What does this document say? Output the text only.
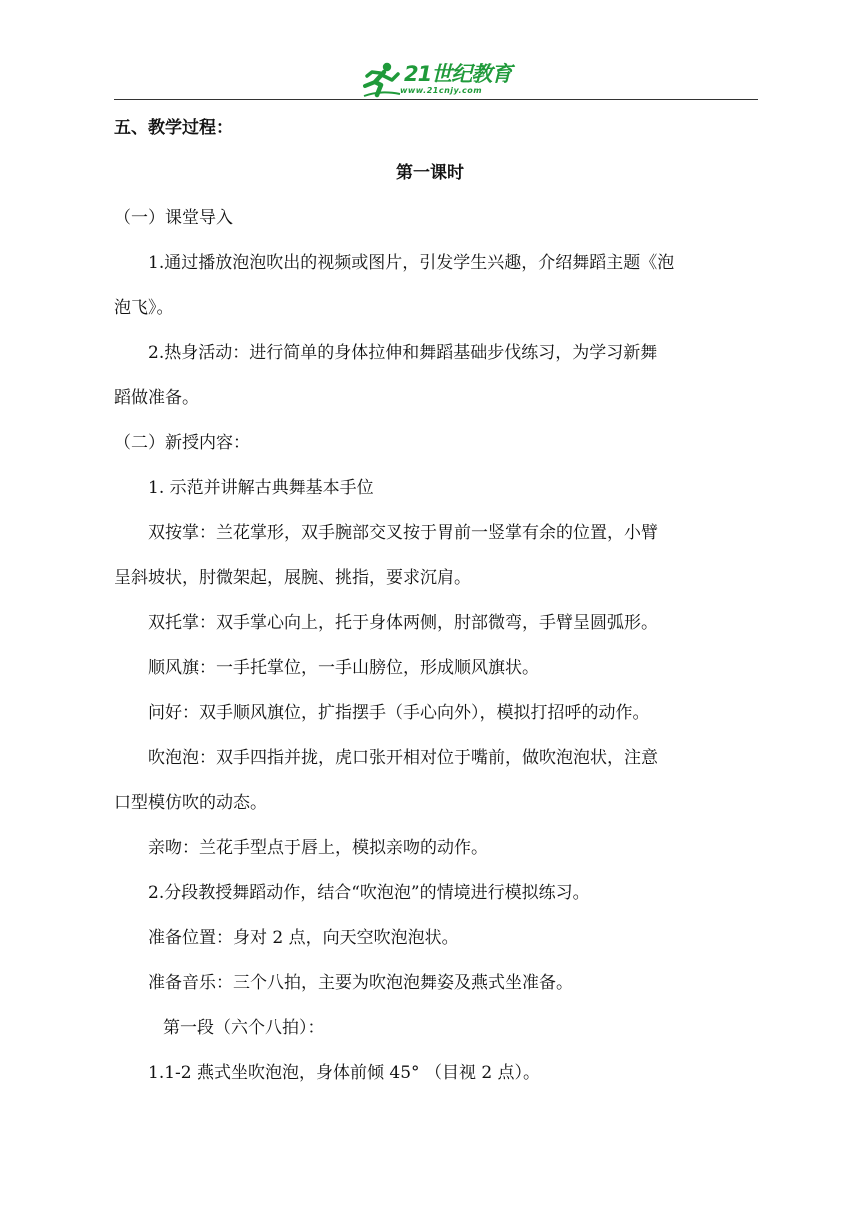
21世纪教育
www.21cnjy.com

五、教学过程：

第一课时

（一）课堂导入

1.通过播放泡泡吹出的视频或图片，引发学生兴趣，介绍舞蹈主题《泡

泡飞》。

2.热身活动：进行简单的身体拉伸和舞蹈基础步伐练习，为学习新舞

蹈做准备。

（二）新授内容：

1. 示范并讲解古典舞基本手位

双按掌：兰花掌形，双手腕部交叉按于胃前一竖掌有余的位置，小臂

呈斜坡状，肘微架起，展腕、挑指，要求沉肩。

双托掌：双手掌心向上，托于身体两侧，肘部微弯，手臂呈圆弧形。

顺风旗：一手托掌位，一手山膀位，形成顺风旗状。

问好：双手顺风旗位，扩指摆手（手心向外），模拟打招呼的动作。

吹泡泡：双手四指并拢，虎口张开相对位于嘴前，做吹泡泡状，注意

口型模仿吹的动态。

亲吻：兰花手型点于唇上，模拟亲吻的动作。

2.分段教授舞蹈动作，结合“吹泡泡”的情境进行模拟练习。

准备位置：身对 2 点，向天空吹泡泡状。

准备音乐：三个八拍，主要为吹泡泡舞姿及燕式坐准备。

第一段（六个八拍）：

1.1-2 燕式坐吹泡泡，身体前倾 45° （目视 2 点）。
